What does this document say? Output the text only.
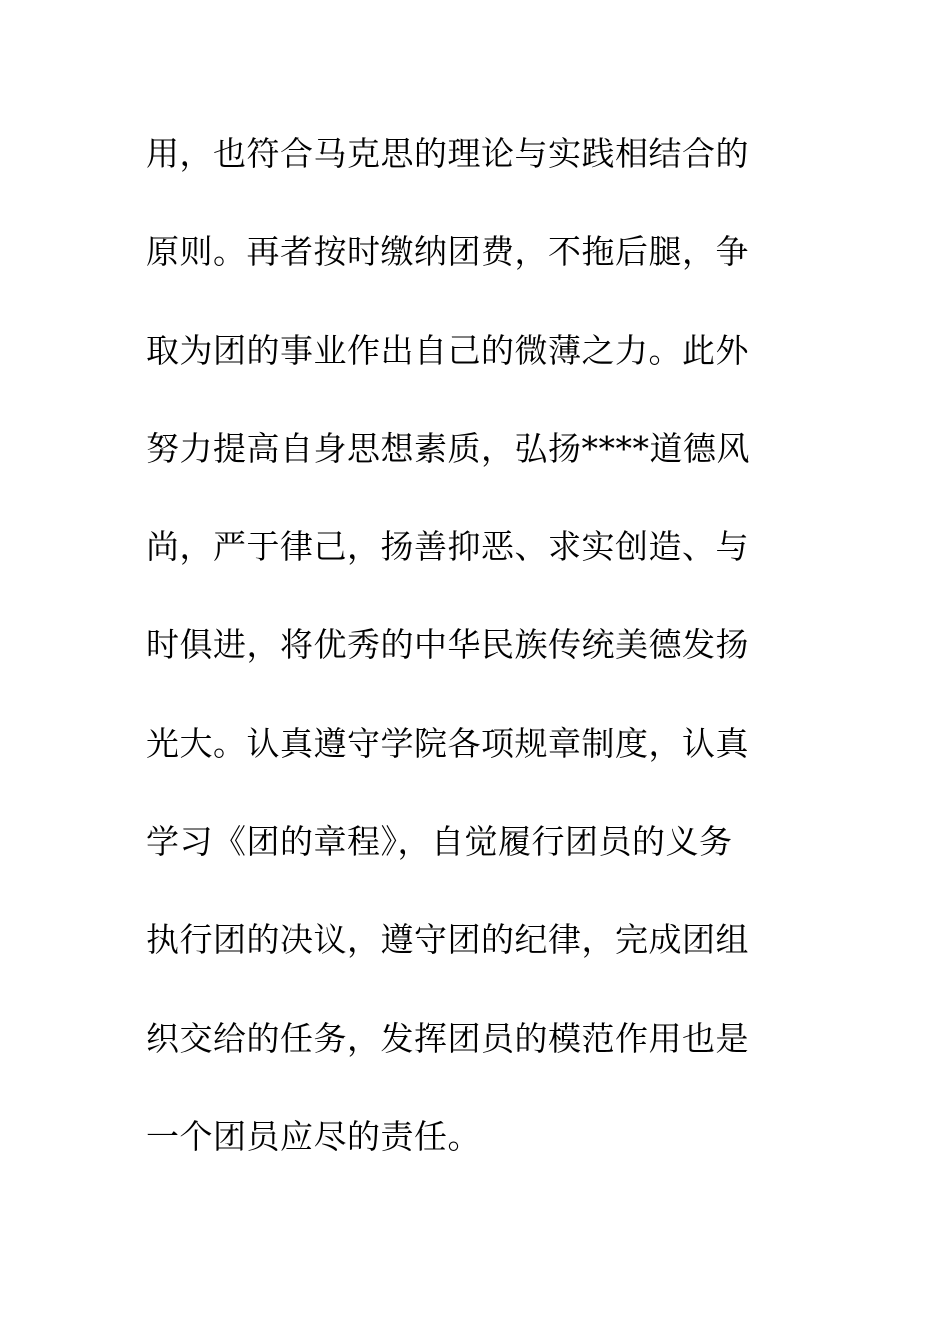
用，也符合马克思的理论与实践相结合的
原则。再者按时缴纳团费，不拖后腿，争
取为团的事业作出自己的微薄之力。此外
努力提高自身思想素质，弘扬****道德风
尚，严于律己，扬善抑恶、求实创造、与
时俱进，将优秀的中华民族传统美德发扬
光大。认真遵守学院各项规章制度，认真
学习《团的章程》，自觉履行团员的义务
执行团的决议，遵守团的纪律，完成团组
织交给的任务，发挥团员的模范作用也是
一个团员应尽的责任。
